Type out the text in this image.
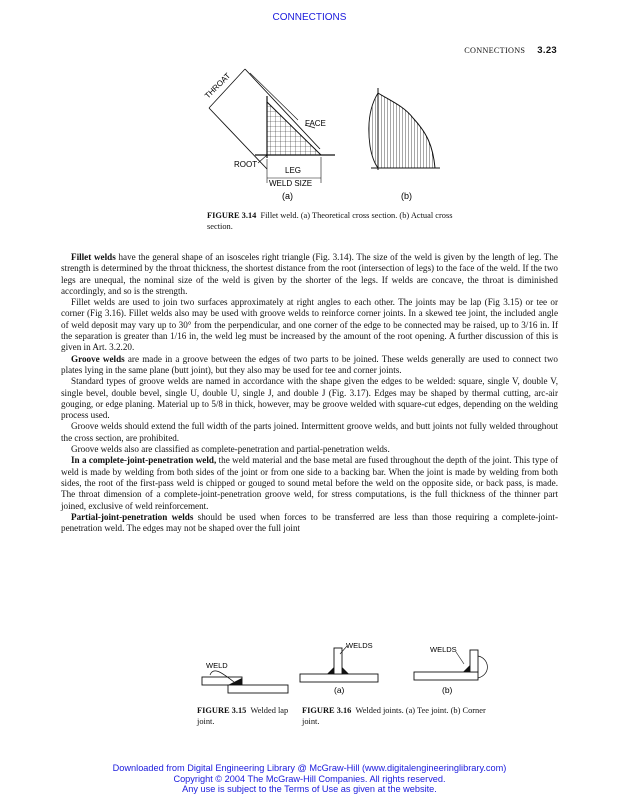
CONNECTIONS
CONNECTIONS 3.23
THROAT
FACE
ROOT
LEG
WELD SIZE
(a)	(b)
FIGURE 3.14 Fillet weld. (a) Theoretical cross section. (b) Actual cross section.

Fillet welds have the general shape of an isosceles right triangle (Fig. 3.14). The size of the weld is given by the length of leg. The strength is determined by the throat thickness, the shortest distance from the root (intersection of legs) to the face of the weld. If the two legs are unequal, the nominal size of the weld is given by the shorter of the legs. If welds are concave, the throat is diminished accordingly, and so is the strength.

Fillet welds are used to join two surfaces approximately at right angles to each other. The joints may be lap (Fig 3.15) or tee or corner (Fig 3.16). Fillet welds also may be used with groove welds to reinforce corner joints. In a skewed tee joint, the included angle of weld deposit may vary up to 30° from the perpendicular, and one corner of the edge to be connected may be raised, up to 3/16 in. If the separation is greater than 1/16 in, the weld leg must be increased by the amount of the root opening. A further discussion of this is given in Art. 3.2.20.

Groove welds are made in a groove between the edges of two parts to be joined. These welds generally are used to connect two plates lying in the same plane (butt joint), but they also may be used for tee and corner joints.

Standard types of groove welds are named in accordance with the shape given the edges to be welded: square, single V, double V, single bevel, double bevel, single U, double U, single J, and double J (Fig. 3.17). Edges may be shaped by thermal cutting, arc-air gouging, or edge planing. Material up to 5/8 in thick, however, may be groove welded with square-cut edges, depending on the welding process used.

Groove welds should extend the full width of the parts joined. Intermittent groove welds, and butt joints not fully welded throughout the cross section, are prohibited.

Groove welds also are classified as complete-penetration and partial-penetration welds.

In a complete-joint-penetration weld, the weld material and the base metal are fused throughout the depth of the joint. This type of weld is made by welding from both sides of the joint or from one side to a backing bar. When the joint is made by welding from both sides, the root of the first-pass weld is chipped or gouged to sound metal before the weld on the opposite side, or back pass, is made. The throat dimension of a complete-joint-penetration groove weld, for stress computations, is the full thickness of the thinner part joined, exclusive of weld reinforcement.

Partial-joint-penetration welds should be used when forces to be transferred are less than those requiring a complete-joint-penetration weld. The edges may not be shaped over the full joint

WELD
WELDS
(a)
WELDS
(b)
FIGURE 3.15 Welded lap joint.
FIGURE 3.16 Welded joints. (a) Tee joint. (b) Corner joint.
Downloaded from Digital Engineering Library @ McGraw-Hill (www.digitalengineeringlibrary.com)
Copyright © 2004 The McGraw-Hill Companies. All rights reserved.
Any use is subject to the Terms of Use as given at the website.
